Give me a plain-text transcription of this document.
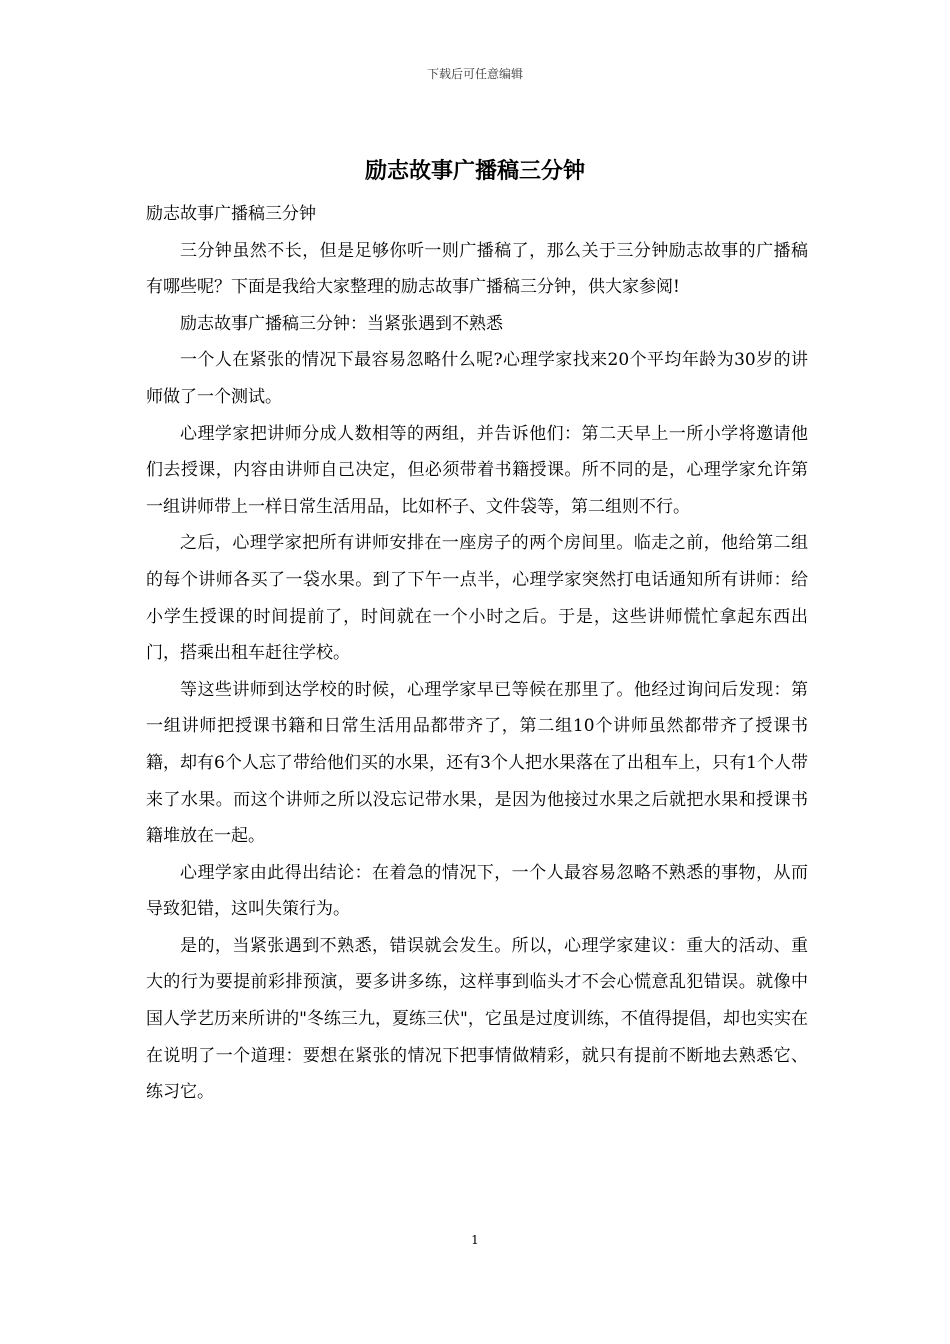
下载后可任意编辑
励志故事广播稿三分钟

励志故事广播稿三分钟

三分钟虽然不长，但是足够你听一则广播稿了，那么关于三分钟励志故事的广播稿有哪些呢？下面是我给大家整理的励志故事广播稿三分钟，供大家参阅!

励志故事广播稿三分钟：当紧张遇到不熟悉

一个人在紧张的情况下最容易忽略什么呢?心理学家找来20个平均年龄为30岁的讲师做了一个测试。

心理学家把讲师分成人数相等的两组，并告诉他们：第二天早上一所小学将邀请他们去授课，内容由讲师自己决定，但必须带着书籍授课。所不同的是，心理学家允许第一组讲师带上一样日常生活用品，比如杯子、文件袋等，第二组则不行。

之后，心理学家把所有讲师安排在一座房子的两个房间里。临走之前，他给第二组的每个讲师各买了一袋水果。到了下午一点半，心理学家突然打电话通知所有讲师：给小学生授课的时间提前了，时间就在一个小时之后。于是，这些讲师慌忙拿起东西出门，搭乘出租车赶往学校。

等这些讲师到达学校的时候，心理学家早已等候在那里了。他经过询问后发现：第一组讲师把授课书籍和日常生活用品都带齐了，第二组10个讲师虽然都带齐了授课书籍，却有6个人忘了带给他们买的水果，还有3个人把水果落在了出租车上，只有1个人带来了水果。而这个讲师之所以没忘记带水果，是因为他接过水果之后就把水果和授课书籍堆放在一起。

心理学家由此得出结论：在着急的情况下，一个人最容易忽略不熟悉的事物，从而导致犯错，这叫失策行为。

是的，当紧张遇到不熟悉，错误就会发生。所以，心理学家建议：重大的活动、重大的行为要提前彩排预演，要多讲多练，这样事到临头才不会心慌意乱犯错误。就像中国人学艺历来所讲的"冬练三九，夏练三伏"，它虽是过度训练，不值得提倡，却也实实在在说明了一个道理：要想在紧张的情况下把事情做精彩，就只有提前不断地去熟悉它、练习它。

1
